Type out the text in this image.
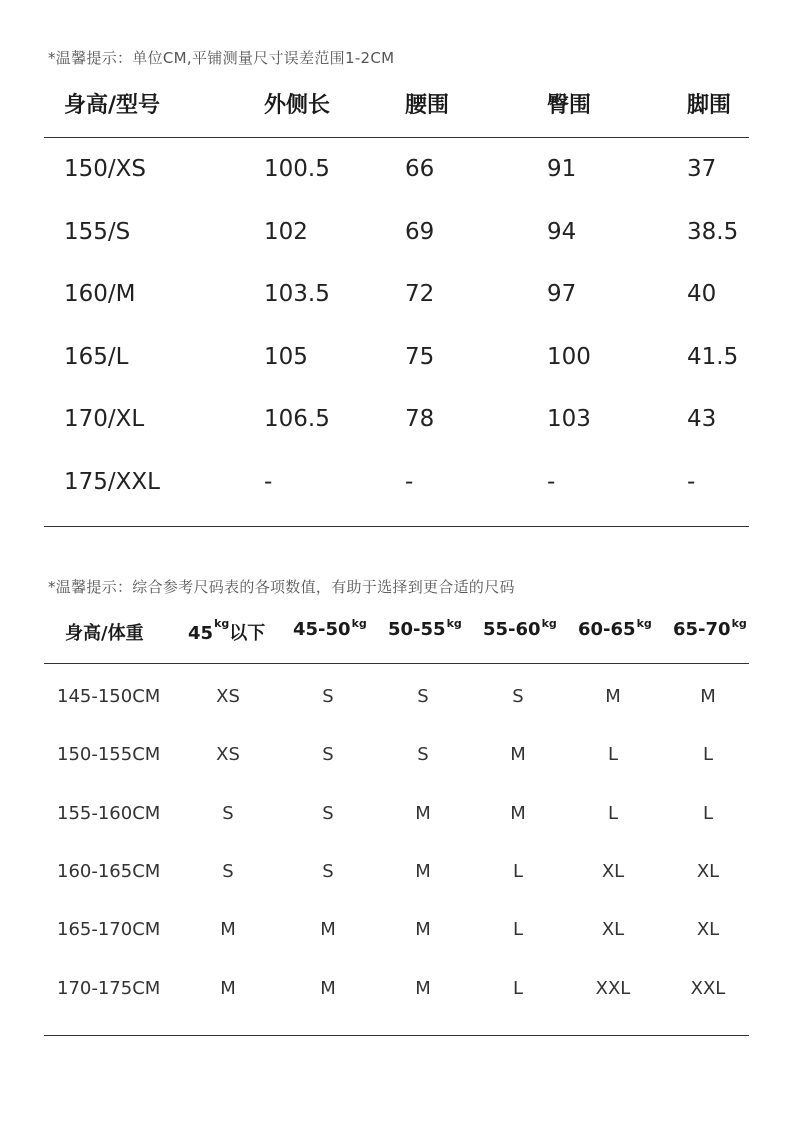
*温馨提示：单位CM,平铺测量尺寸误差范围1-2CM
身高/型号	外侧长	腰围	臀围	脚围
150/XS	100.5	66	91	37
155/S	102	69	94	38.5
160/M	103.5	72	97	40
165/L	105	75	100	41.5
170/XL	106.5	78	103	43
175/XXL	-	-	-	-
*温馨提示：综合参考尺码表的各项数值，有助于选择到更合适的尺码
身高/体重 $45^{kg}$以下 $45-50^{kg}$ $50-55^{kg}$ $55-60^{kg}$ $60-65^{kg}$ $65-70^{kg}$
145-150CM	XS	S	S	S	M	M
150-155CM	XS	S	S	M	L	L
155-160CM	S	S	M	M	L	L
160-165CM	S	S	M	L	XL	XL
165-170CM	M	M	M	L	XL	XL
170-175CM	M	M	M	L	XXL	XXL
